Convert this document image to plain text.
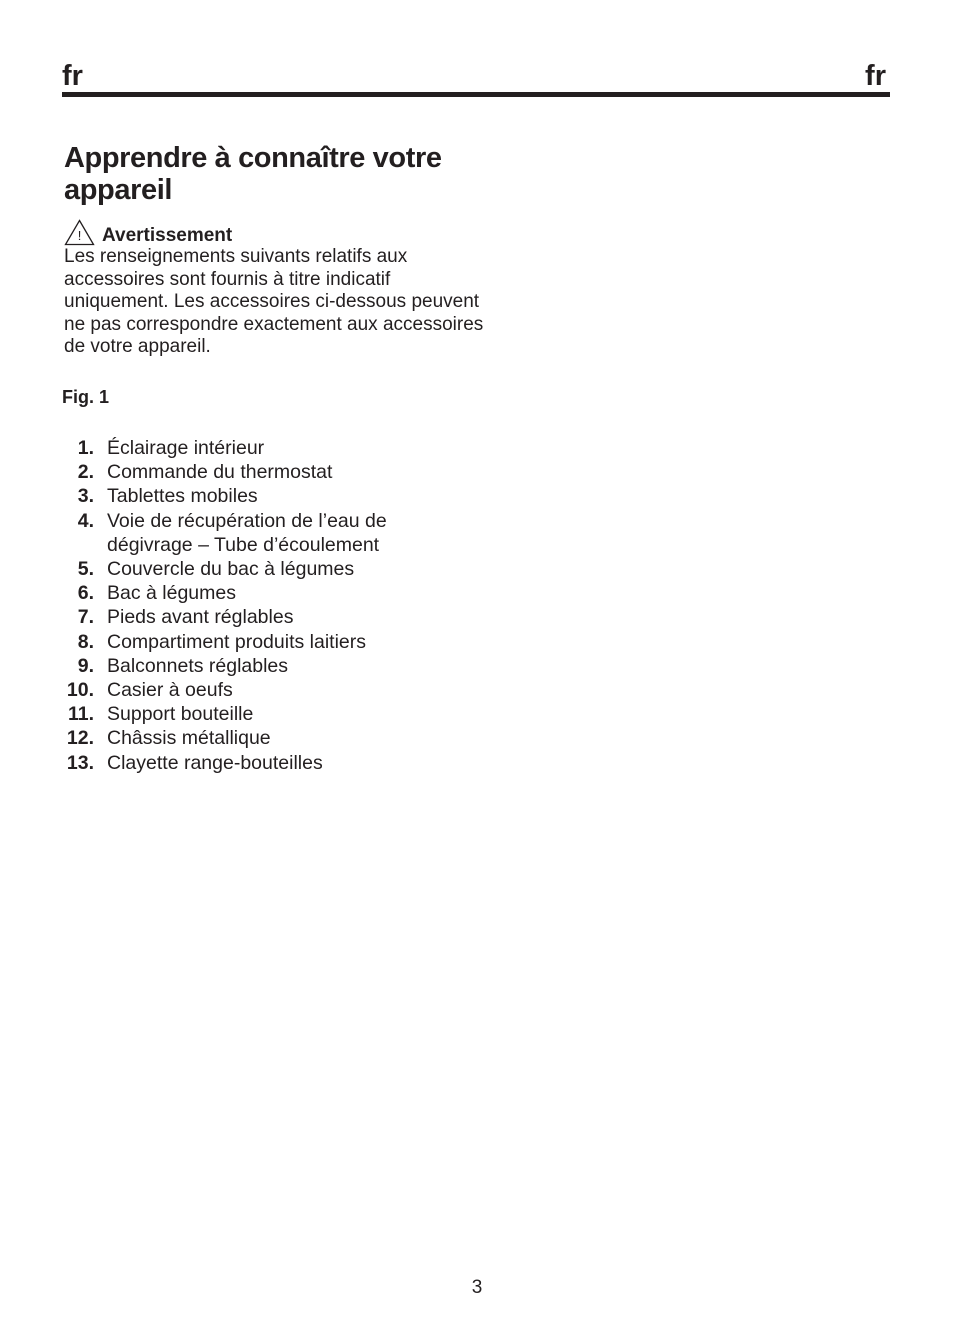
fr	fr
Apprendre à connaître votre appareil
! Avertissement

Les renseignements suivants relatifs aux accessoires sont fournis à titre indicatif uniquement. Les accessoires ci-dessous peuvent ne pas correspondre exactement aux accessoires de votre appareil.

Fig. 1
1. Éclairage intérieur
2. Commande du thermostat
3. Tablettes mobiles
4. Voie de récupération de l’eau de dégivrage – Tube d’écoulement
5. Couvercle du bac à légumes
6. Bac à légumes
7. Pieds avant réglables
8. Compartiment produits laitiers
9. Balconnets réglables
10. Casier à oeufs
11. Support bouteille
12. Châssis métallique
13. Clayette range-bouteilles
3
